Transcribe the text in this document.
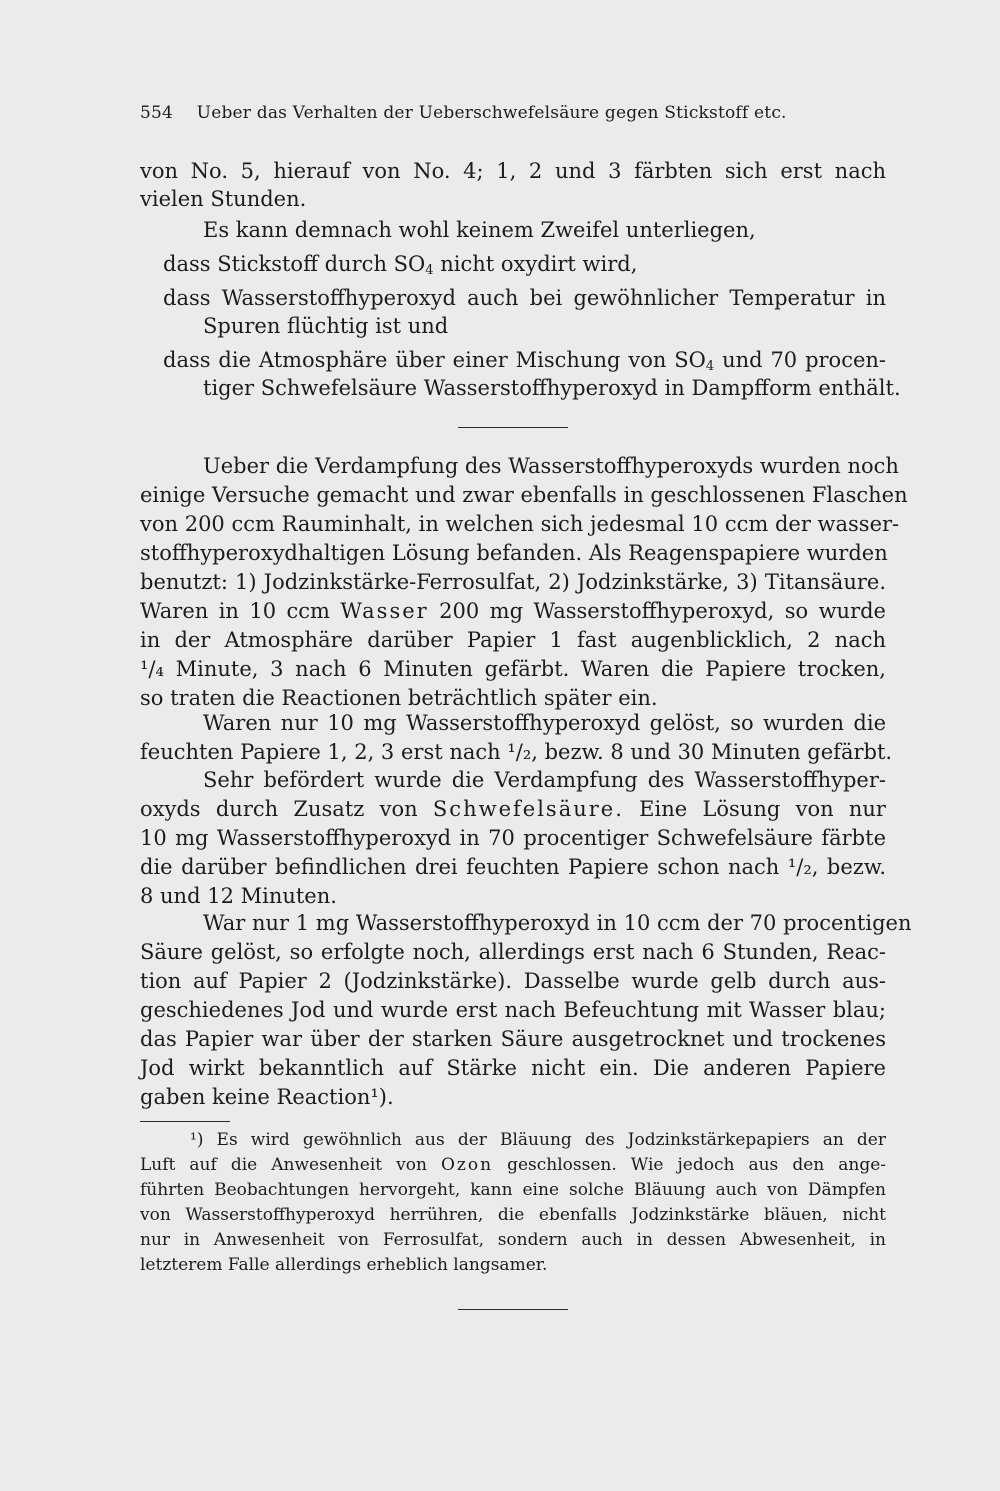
554 Ueber das Verhalten der Ueberschwefelsäure gegen Stickstoff etc.
von No. 5, hierauf von No. 4; 1, 2 und 3 färbten sich erst nach
vielen Stunden.
Es kann demnach wohl keinem Zweifel unterliegen,
dass Stickstoff durch $SO_4$ nicht oxydirt wird,
dass Wasserstoffhyperoxyd auch bei gewöhnlicher Temperatur in
Spuren flüchtig ist und
dass die Atmosphäre über einer Mischung von $SO_4$ und 70 procen-
tiger Schwefelsäure Wasserstoffhyperoxyd in Dampfform enthält.
Ueber die Verdampfung des Wasserstoffhyperoxyds wurden noch
einige Versuche gemacht und zwar ebenfalls in geschlossenen Flaschen
von 200 ccm Rauminhalt, in welchen sich jedesmal 10 ccm der wasser-
stoffhyperoxydhaltigen Lösung befanden. Als Reagenspapiere wurden
benutzt: 1) Jodzinkstärke-Ferrosulfat, 2) Jodzinkstärke, 3) Titansäure.
Waren in 10 ccm Wasser 200 mg Wasserstoffhyperoxyd, so wurde
in der Atmosphäre darüber Papier 1 fast augenblicklich, 2 nach
¹/₄ Minute, 3 nach 6 Minuten gefärbt. Waren die Papiere trocken,
so traten die Reactionen beträchtlich später ein.
Waren nur 10 mg Wasserstoffhyperoxyd gelöst, so wurden die
feuchten Papiere 1, 2, 3 erst nach ¹/₂, bezw. 8 und 30 Minuten gefärbt.
Sehr befördert wurde die Verdampfung des Wasserstoffhyper-
oxyds durch Zusatz von Schwefelsäure. Eine Lösung von nur
10 mg Wasserstoffhyperoxyd in 70 procentiger Schwefelsäure färbte
die darüber befindlichen drei feuchten Papiere schon nach ¹/₂, bezw.
8 und 12 Minuten.
War nur 1 mg Wasserstoffhyperoxyd in 10 ccm der 70 procentigen
Säure gelöst, so erfolgte noch, allerdings erst nach 6 Stunden, Reac-
tion auf Papier 2 (Jodzinkstärke). Dasselbe wurde gelb durch aus-
geschiedenes Jod und wurde erst nach Befeuchtung mit Wasser blau;
das Papier war über der starken Säure ausgetrocknet und trockenes
Jod wirkt bekanntlich auf Stärke nicht ein. Die anderen Papiere
gaben keine Reaction¹).
¹) Es wird gewöhnlich aus der Bläuung des Jodzinkstärkepapiers an der
Luft auf die Anwesenheit von Ozon geschlossen. Wie jedoch aus den ange-
führten Beobachtungen hervorgeht, kann eine solche Bläuung auch von Dämpfen
von Wasserstoffhyperoxyd herrühren, die ebenfalls Jodzinkstärke bläuen, nicht
nur in Anwesenheit von Ferrosulfat, sondern auch in dessen Abwesenheit, in
letzterem Falle allerdings erheblich langsamer.
